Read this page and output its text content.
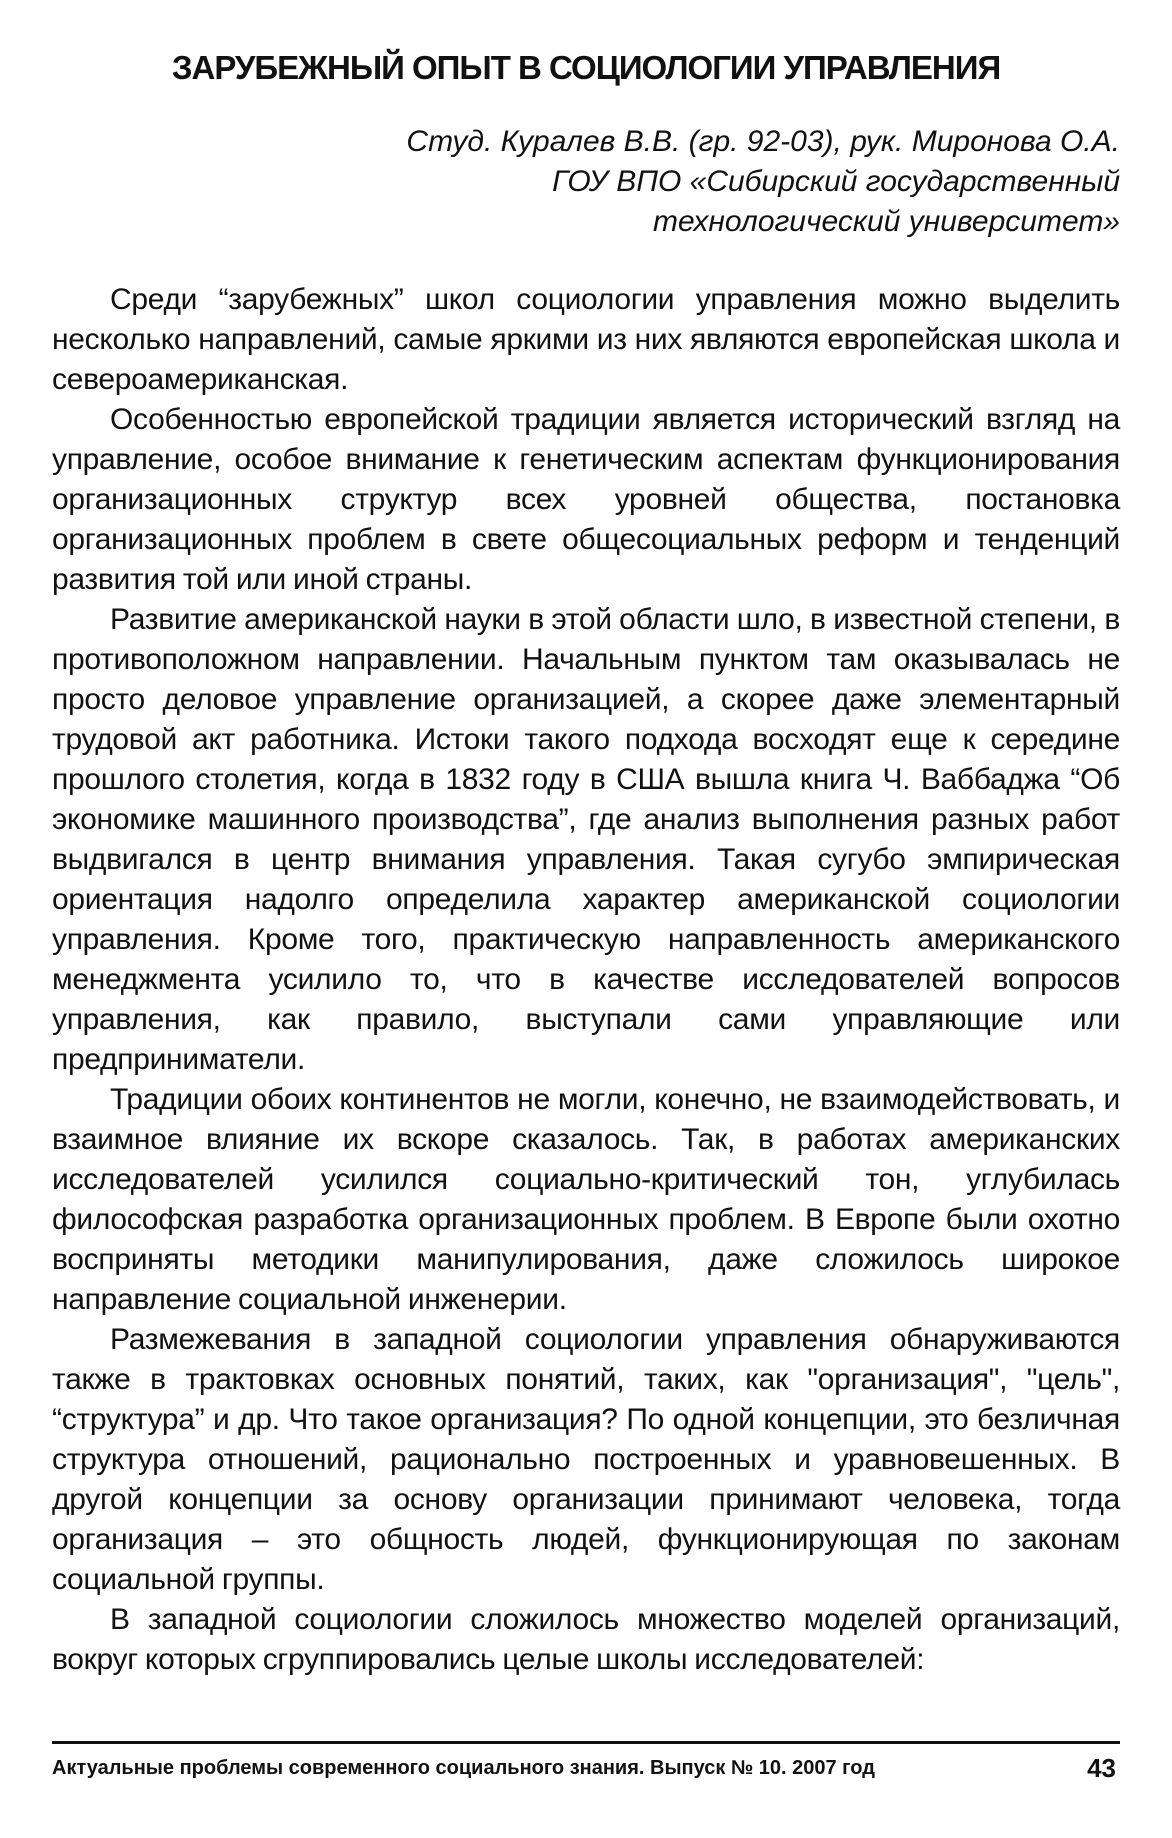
ЗАРУБЕЖНЫЙ ОПЫТ В СОЦИОЛОГИИ УПРАВЛЕНИЯ
Студ. Куралев В.В. (гр. 92-03), рук. Миронова О.А.
ГОУ ВПО «Сибирский государственный
технологический университет»

Среди “зарубежных” школ социологии управления можно выделить несколько направлений, самые яркими из них являются европейская школа и североамериканская.

Особенностью европейской традиции является исторический взгляд на управление, особое внимание к генетическим аспектам функционирования организационных структур всех уровней общества, постановка организационных проблем в свете общесоциальных реформ и тенденций развития той или иной страны.

Развитие американской науки в этой области шло, в известной степени, в противоположном направлении. Начальным пунктом там оказывалась не просто деловое управление организацией, а скорее даже элементарный трудовой акт работника. Истоки такого подхода восходят еще к середине прошлого столетия, когда в 1832 году в США вышла книга Ч. Ваббаджа “Об экономике машинного производства”, где анализ выполнения разных работ выдвигался в центр внимания управления. Такая сугубо эмпирическая ориентация надолго определила характер американской социологии управления. Кроме того, практическую направленность американского менеджмента усилило то, что в качестве исследователей вопросов управления, как правило, выступали сами управляющие или предприниматели.

Традиции обоих континентов не могли, конечно, не взаимодействовать, и взаимное влияние их вскоре сказалось. Так, в работах американских исследователей усилился социально-критический тон, углубилась философская разработка организационных проблем. В Европе были охотно восприняты методики манипулирования, даже сложилось широкое направление социальной инженерии.

Размежевания в западной социологии управления обнаруживаются также в трактовках основных понятий, таких, как "организация", "цель", “структура” и др. Что такое организация? По одной концепции, это безличная структура отношений, рационально построенных и уравновешенных. В другой концепции за основу организации принимают человека, тогда организация – это общность людей, функционирующая по законам социальной группы.

В западной социологии сложилось множество моделей организаций, вокруг которых сгруппировались целые школы исследователей:

Актуальные проблемы современного социального знания. Выпуск № 10. 2007 год	43
